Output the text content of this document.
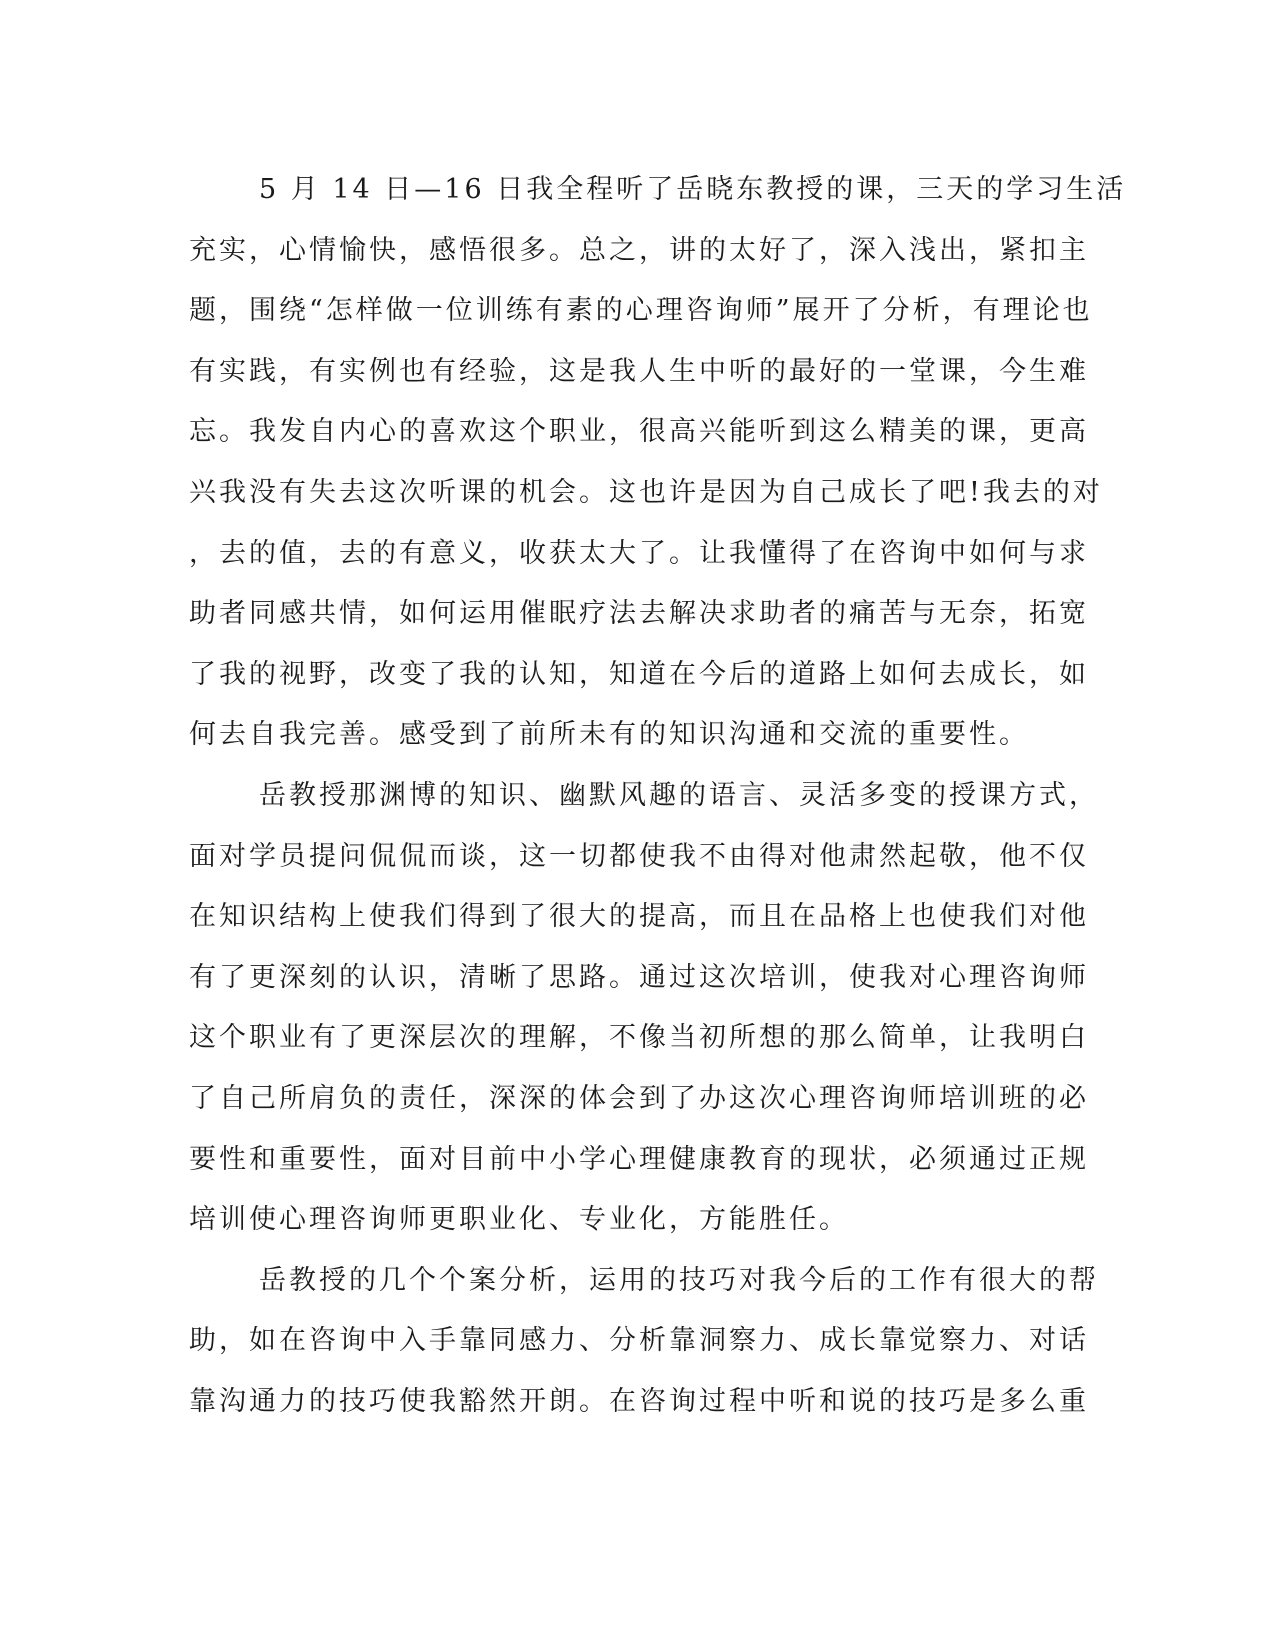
5 月 14 日—16 日我全程听了岳晓东教授的课，三天的学习生活
充实，心情愉快，感悟很多。总之，讲的太好了，深入浅出，紧扣主
题，围绕“怎样做一位训练有素的心理咨询师”展开了分析，有理论也
有实践，有实例也有经验，这是我人生中听的最好的一堂课，今生难
忘。我发自内心的喜欢这个职业，很高兴能听到这么精美的课，更高
兴我没有失去这次听课的机会。这也许是因为自己成长了吧!我去的对
，去的值，去的有意义，收获太大了。让我懂得了在咨询中如何与求
助者同感共情，如何运用催眠疗法去解决求助者的痛苦与无奈，拓宽
了我的视野，改变了我的认知，知道在今后的道路上如何去成长，如
何去自我完善。感受到了前所未有的知识沟通和交流的重要性。
岳教授那渊博的知识、幽默风趣的语言、灵活多变的授课方式，
面对学员提问侃侃而谈，这一切都使我不由得对他肃然起敬，他不仅
在知识结构上使我们得到了很大的提高，而且在品格上也使我们对他
有了更深刻的认识，清晰了思路。通过这次培训，使我对心理咨询师
这个职业有了更深层次的理解，不像当初所想的那么简单，让我明白
了自己所肩负的责任，深深的体会到了办这次心理咨询师培训班的必
要性和重要性，面对目前中小学心理健康教育的现状，必须通过正规
培训使心理咨询师更职业化、专业化，方能胜任。
岳教授的几个个案分析，运用的技巧对我今后的工作有很大的帮
助，如在咨询中入手靠同感力、分析靠洞察力、成长靠觉察力、对话
靠沟通力的技巧使我豁然开朗。在咨询过程中听和说的技巧是多么重
